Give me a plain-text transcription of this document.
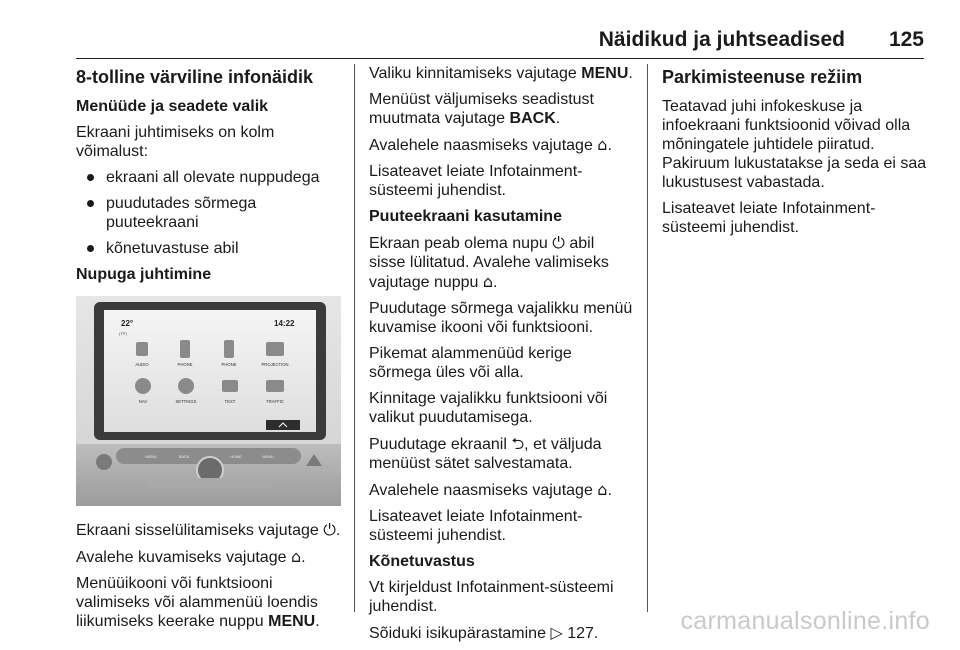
Näidikud ja juhtseadised 125
8-tolline värviline infonäidik

Menüüde ja seadete valik

Ekraani juhtimiseks on kolm võimalust:

ekraani all olevate nuppudega
puudutades sõrmega puuteekraani
kõnetuvastuse abil

Nupuga juhtimine

22°	14:22
(TP)
AUDIO	PHONE	PHONE	PROJECTION
NAV	SETTINGS	TEXT	TRAFFIC
MENU	BACK	HOME	MENU

Ekraani sisselülitamiseks vajutage ⏻.

Avalehe kuvamiseks vajutage ⌂.

Menüüikooni või funktsiooni valimiseks või alammenüü loendis liikumiseks keerake nuppu MENU.

Valiku kinnitamiseks vajutage MENU.

Menüüst väljumiseks seadistust muutmata vajutage BACK.

Avalehele naasmiseks vajutage ⌂.

Lisateavet leiate Infotainment-süsteemi juhendist.

Puuteekraani kasutamine

Ekraan peab olema nupu ⏻ abil sisse lülitatud. Avalehe valimiseks vajutage nuppu ⌂.

Puudutage sõrmega vajalikku menüü kuvamise ikooni või funktsiooni.

Pikemat alammenüüd kerige sõrmega üles või alla.

Kinnitage vajalikku funktsiooni või valikut puudutamisega.

Puudutage ekraanil ⮌, et väljuda menüüst sätet salvestamata.

Avalehele naasmiseks vajutage ⌂.

Lisateavet leiate Infotainment-süsteemi juhendist.

Kõnetuvastus

Vt kirjeldust Infotainment-süsteemi juhendist.

Sõiduki isikupärastamine ▷ 127.

Parkimisteenuse režiim

Teatavad juhi infokeskuse ja infoekraani funktsioonid võivad olla mõningatele juhtidele piiratud. Pakiruum lukustatakse ja seda ei saa lukustusest vabastada.

Lisateavet leiate Infotainment-süsteemi juhendist.

carmanualsonline.info
